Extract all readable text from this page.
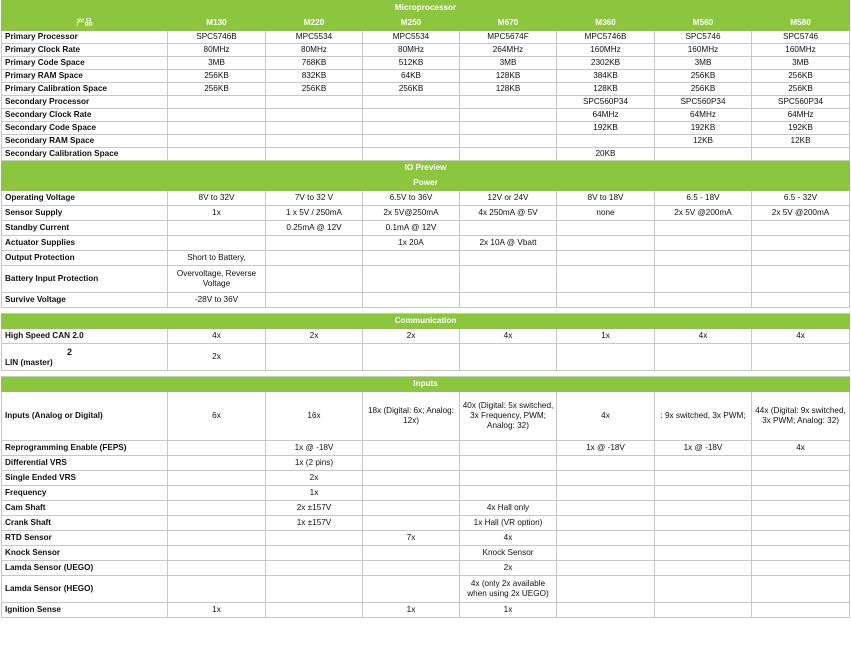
Microprocessor							
产品	M130	M220	M250	M670	M360	M560	M580
Primary Processor	SPC5746B	MPC5534	MPC5534	MPC5674F	MPC5746B	SPC5746	SPC5746
Primary Clock Rate	80MHz	80MHz	80MHz	264MHz	160MHz	160MHz	160MHz
Primary Code Space	3MB	768KB	512KB	3MB	2302KB	3MB	3MB
Primary RAM Space	256KB	832KB	64KB	128KB	384KB	256KB	256KB
Primary Calibration Space	256KB	256KB	256KB	128KB	128KB	256KB	256KB
Secondary Processor					SPC560P34	SPC560P34	SPC560P34
Secondary Clock Rate					64MHz	64MHz	64MHz
Secondary Code Space					192KB	192KB	192KB
Secondary RAM Space						12KB	12KB
Secondary Calibration Space					20KB		
IO Preview							
Power							
Operating Voltage	8V to 32V	7V to 32 V	6.5V to 36V	12V or 24V	8V to 18V	6.5 - 18V	6.5 - 32V
Sensor Supply	1x	1 x 5V / 250mA	2x 5V@250mA	4x 250mA @ 5V	none	2x 5V @200mA	2x 5V @200mA
Standby Current		0.25mA @ 12V	0.1mA @ 12V				
Actuator Supplies			1x 20A	2x 10A @ Vbatt			
Output Protection	Short to Battery,						
Battery Input Protection	Overvoltage, Reverse Voltage						
Survive Voltage	-28V to 36V						

Communication							
High Speed CAN 2.0	4x	2x	2x	4x	1x	4x	4x
2
LIN (master)	2x						

Inputs							
Inputs (Analog or Digital)	6x	16x	18x (Digital: 6x; Analog: 12x)	40x (Digital: 5x switched, 3x Frequency, PWM; Analog: 32)	4x	: 9x switched, 3x PWM;	44x (Digital: 9x switched, 3x PWM; Analog: 32)
Reprogramming Enable (FEPS)		1x @ -18V			1x @ -18V	1x @ -18V	4x
Differential VRS		1x (2 pins)					
Single Ended VRS		2x					
Frequency		1x					
Cam Shaft		2x ±157V		4x Hall only			
Crank Shaft		1x ±157V		1x Hall (VR option)			
RTD Sensor			7x	4x			
Knock Sensor				Knock Sensor			
Lamda Sensor (UEGO)				2x			
Lamda Sensor (HEGO)				4x (only 2x available when using 2x UEGO)			
Ignition Sense	1x		1x	1x			
